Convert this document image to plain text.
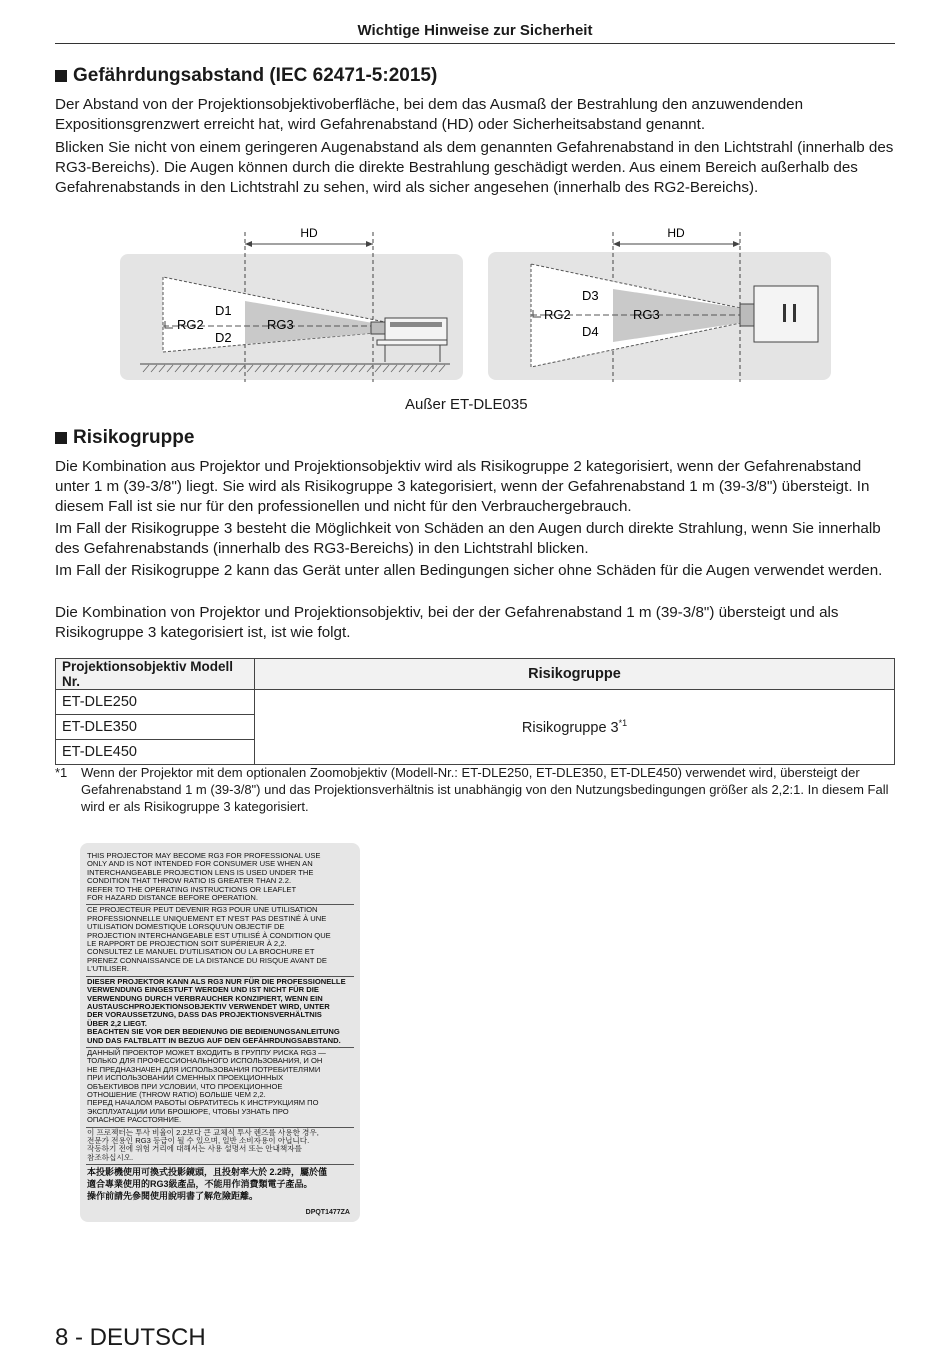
Wichtige Hinweise zur Sicherheit
Gefährdungsabstand (IEC 62471-5:2015)

Der Abstand von der Projektionsobjektivoberfläche, bei dem das Ausmaß der Bestrahlung den anzuwendenden Expositionsgrenzwert erreicht hat, wird Gefahrenabstand (HD) oder Sicherheitsabstand genannt.

Blicken Sie nicht von einem geringeren Augenabstand als dem genannten Gefahrenabstand in den Lichtstrahl (innerhalb des RG3-Bereichs). Die Augen können durch die direkte Bestrahlung geschädigt werden. Aus einem Bereich außerhalb des Gefahrenabstands in den Lichtstrahl zu sehen, wird als sicher angesehen (innerhalb des RG2-Bereichs).

HD
RG2	RG3
D1
D2
HD
RG2	RG3
D3
D4
Außer ET-DLE035
Risikogruppe

Die Kombination aus Projektor und Projektionsobjektiv wird als Risikogruppe 2 kategorisiert, wenn der Gefahrenabstand unter 1 m (39-3/8") liegt. Sie wird als Risikogruppe 3 kategorisiert, wenn der Gefahrenabstand 1 m (39-3/8") übersteigt. In diesem Fall ist sie nur für den professionellen und nicht für den Verbrauchergebrauch.

Im Fall der Risikogruppe 3 besteht die Möglichkeit von Schäden an den Augen durch direkte Strahlung, wenn Sie innerhalb des Gefahrenabstands (innerhalb des RG3-Bereichs) in den Lichtstrahl blicken.

Im Fall der Risikogruppe 2 kann das Gerät unter allen Bedingungen sicher ohne Schäden für die Augen verwendet werden.

Die Kombination von Projektor und Projektionsobjektiv, bei der der Gefahrenabstand 1 m (39-3/8") übersteigt und als Risikogruppe 3 kategorisiert ist, ist wie folgt.

Projektionsobjektiv Modell Nr.	Risikogruppe
ET-DLE250	Risikogruppe 3$^{*1}$
ET-DLE350	
ET-DLE450	
*1	Wenn der Projektor mit dem optionalen Zoomobjektiv (Modell-Nr.: ET-DLE250, ET-DLE350, ET-DLE450) verwendet wird, übersteigt der Gefahrenabstand 1 m (39-3/8") und das Projektionsverhältnis ist unabhängig von den Nutzungsbedingungen größer als 2,2:1. In diesem Fall wird er als Risikogruppe 3 kategorisiert.
THIS PROJECTOR MAY BECOME RG3 FOR PROFESSIONAL USE
ONLY AND IS NOT INTENDED FOR CONSUMER USE WHEN AN
INTERCHANGEABLE PROJECTION LENS IS USED UNDER THE
CONDITION THAT THROW RATIO IS GREATER THAN 2.2.
REFER TO THE OPERATING INSTRUCTIONS OR LEAFLET
FOR HAZARD DISTANCE BEFORE OPERATION.
CE PROJECTEUR PEUT DEVENIR RG3 POUR UNE UTILISATION
PROFESSIONNELLE UNIQUEMENT ET N'EST PAS DESTINÉ À UNE
UTILISATION DOMESTIQUE LORSQU'UN OBJECTIF DE
PROJECTION INTERCHANGEABLE EST UTILISÉ À CONDITION QUE
LE RAPPORT DE PROJECTION SOIT SUPÉRIEUR À 2,2.
CONSULTEZ LE MANUEL D'UTILISATION OU LA BROCHURE ET
PRENEZ CONNAISSANCE DE LA DISTANCE DU RISQUE AVANT DE
L'UTILISER.
DIESER PROJEKTOR KANN ALS RG3 NUR FÜR DIE PROFESSIONELLE
VERWENDUNG EINGESTUFT WERDEN UND IST NICHT FÜR DIE
VERWENDUNG DURCH VERBRAUCHER KONZIPIERT, WENN EIN
AUSTAUSCHPROJEKTIONSOBJEKTIV VERWENDET WIRD, UNTER
DER VORAUSSETZUNG, DASS DAS PROJEKTIONSVERHÄLTNIS
ÜBER 2,2 LIEGT.
BEACHTEN SIE VOR DER BEDIENUNG DIE BEDIENUNGSANLEITUNG
UND DAS FALTBLATT IN BEZUG AUF DEN GEFÄHRDUNGSABSTAND.
ДАННЫЙ ПРОЕКТОР МОЖЕТ ВХОДИТЬ В ГРУППУ РИСКА RG3 —
ТОЛЬКО ДЛЯ ПРОФЕССИОНАЛЬНОГО ИСПОЛЬЗОВАНИЯ, И ОН
НЕ ПРЕДНАЗНАЧЕН ДЛЯ ИСПОЛЬЗОВАНИЯ ПОТРЕБИТЕЛЯМИ
ПРИ ИСПОЛЬЗОВАНИИ СМЕННЫХ ПРОЕКЦИОННЫХ
ОБЪЕКТИВОВ ПРИ УСЛОВИИ, ЧТО ПРОЕКЦИОННОЕ
ОТНОШЕНИЕ (THROW RATIO) БОЛЬШЕ ЧЕМ 2,2.
ПЕРЕД НАЧАЛОМ РАБОТЫ ОБРАТИТЕСЬ К ИНСТРУКЦИЯМ ПО
ЭКСПЛУАТАЦИИ ИЛИ БРОШЮРЕ, ЧТОБЫ УЗНАТЬ ПРО
ОПАСНОЕ РАССТОЯНИЕ.
이 프로젝터는 투사 비율이 2.2보다 큰 교체식 투사 렌즈를 사용한 경우,
전문가 전용인 RG3 등급이 될 수 있으며, 일반 소비자용이 아닙니다.
작동하기 전에 위험 거리에 대해서는 사용 설명서 또는 안내책자를
참조하십시오.
本投影機使用可換式投影鏡頭，且投射率大於 2.2時，屬於僅
適合專業使用的RG3級產品，不能用作消費類電子產品。
操作前請先參閱使用說明書了解危險距離。
DPQT1477ZA
8 - DEUTSCH
